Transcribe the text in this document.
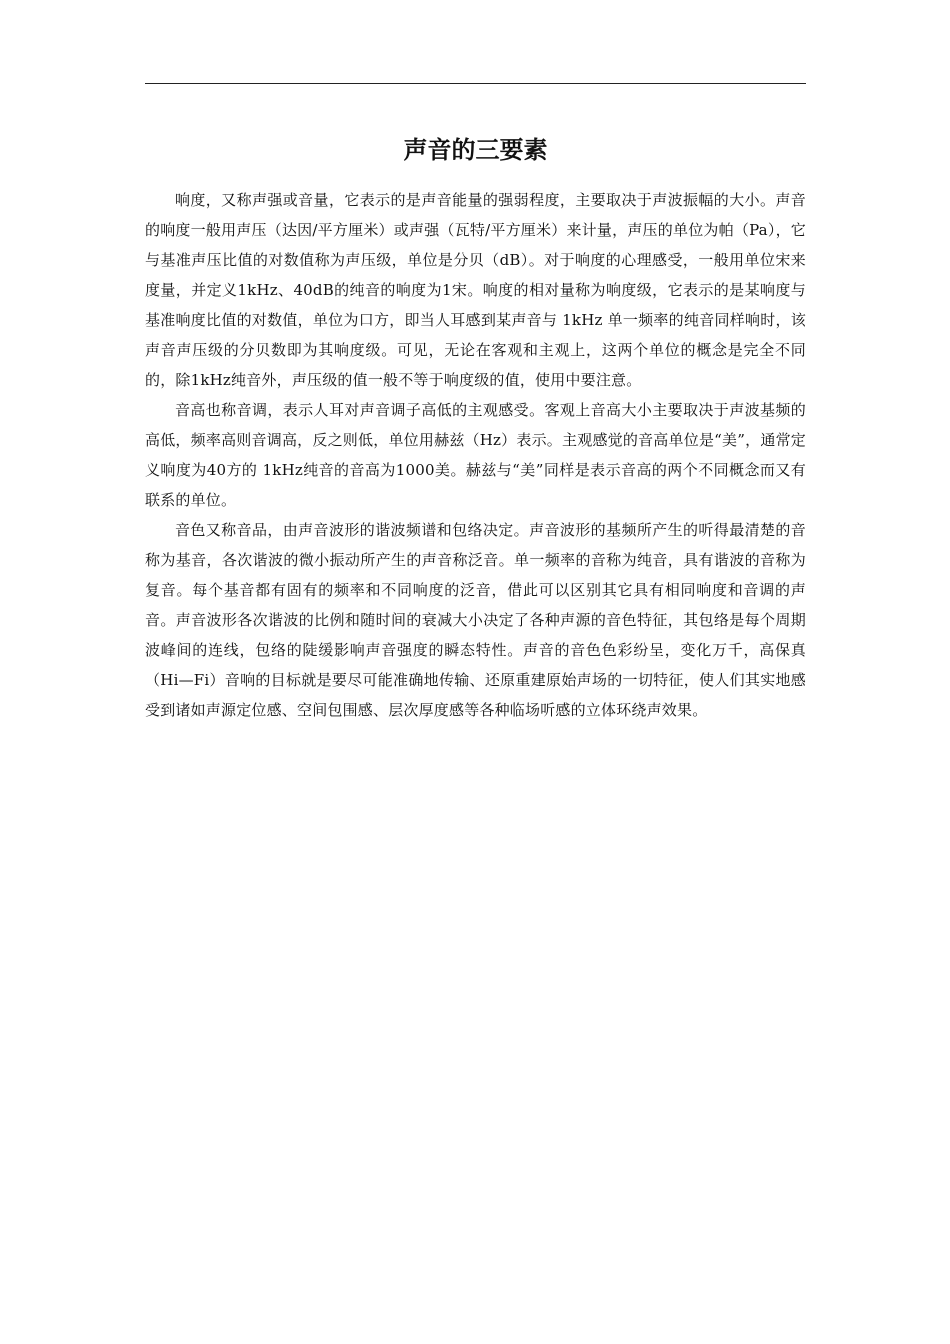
声音的三要素

响度，又称声强或音量，它表示的是声音能量的强弱程度，主要取决于声波振幅的大小。声音的响度一般用声压（达因/平方厘米）或声强（瓦特/平方厘米）来计量，声压的单位为帕（Pa），它与基准声压比值的对数值称为声压级，单位是分贝（dB）。对于响度的心理感受，一般用单位宋来度量，并定义1kHz、40dB的纯音的响度为1宋。响度的相对量称为响度级，它表示的是某响度与基准响度比值的对数值，单位为口方，即当人耳感到某声音与 1kHz 单一频率的纯音同样响时，该声音声压级的分贝数即为其响度级。可见，无论在客观和主观上，这两个单位的概念是完全不同的，除1kHz纯音外，声压级的值一般不等于响度级的值，使用中要注意。

音高也称音调，表示人耳对声音调子高低的主观感受。客观上音高大小主要取决于声波基频的高低，频率高则音调高，反之则低，单位用赫兹（Hz）表示。主观感觉的音高单位是“美”，通常定义响度为40方的 1kHz纯音的音高为1000美。赫兹与“美”同样是表示音高的两个不同概念而又有联系的单位。

音色又称音品，由声音波形的谐波频谱和包络决定。声音波形的基频所产生的听得最清楚的音称为基音，各次谐波的微小振动所产生的声音称泛音。单一频率的音称为纯音，具有谐波的音称为复音。每个基音都有固有的频率和不同响度的泛音，借此可以区别其它具有相同响度和音调的声音。声音波形各次谐波的比例和随时间的衰减大小决定了各种声源的音色特征，其包络是每个周期波峰间的连线，包络的陡缓影响声音强度的瞬态特性。声音的音色色彩纷呈，变化万千，高保真（Hi—Fi）音响的目标就是要尽可能准确地传输、还原重建原始声场的一切特征，使人们其实地感受到诸如声源定位感、空间包围感、层次厚度感等各种临场听感的立体环绕声效果。
